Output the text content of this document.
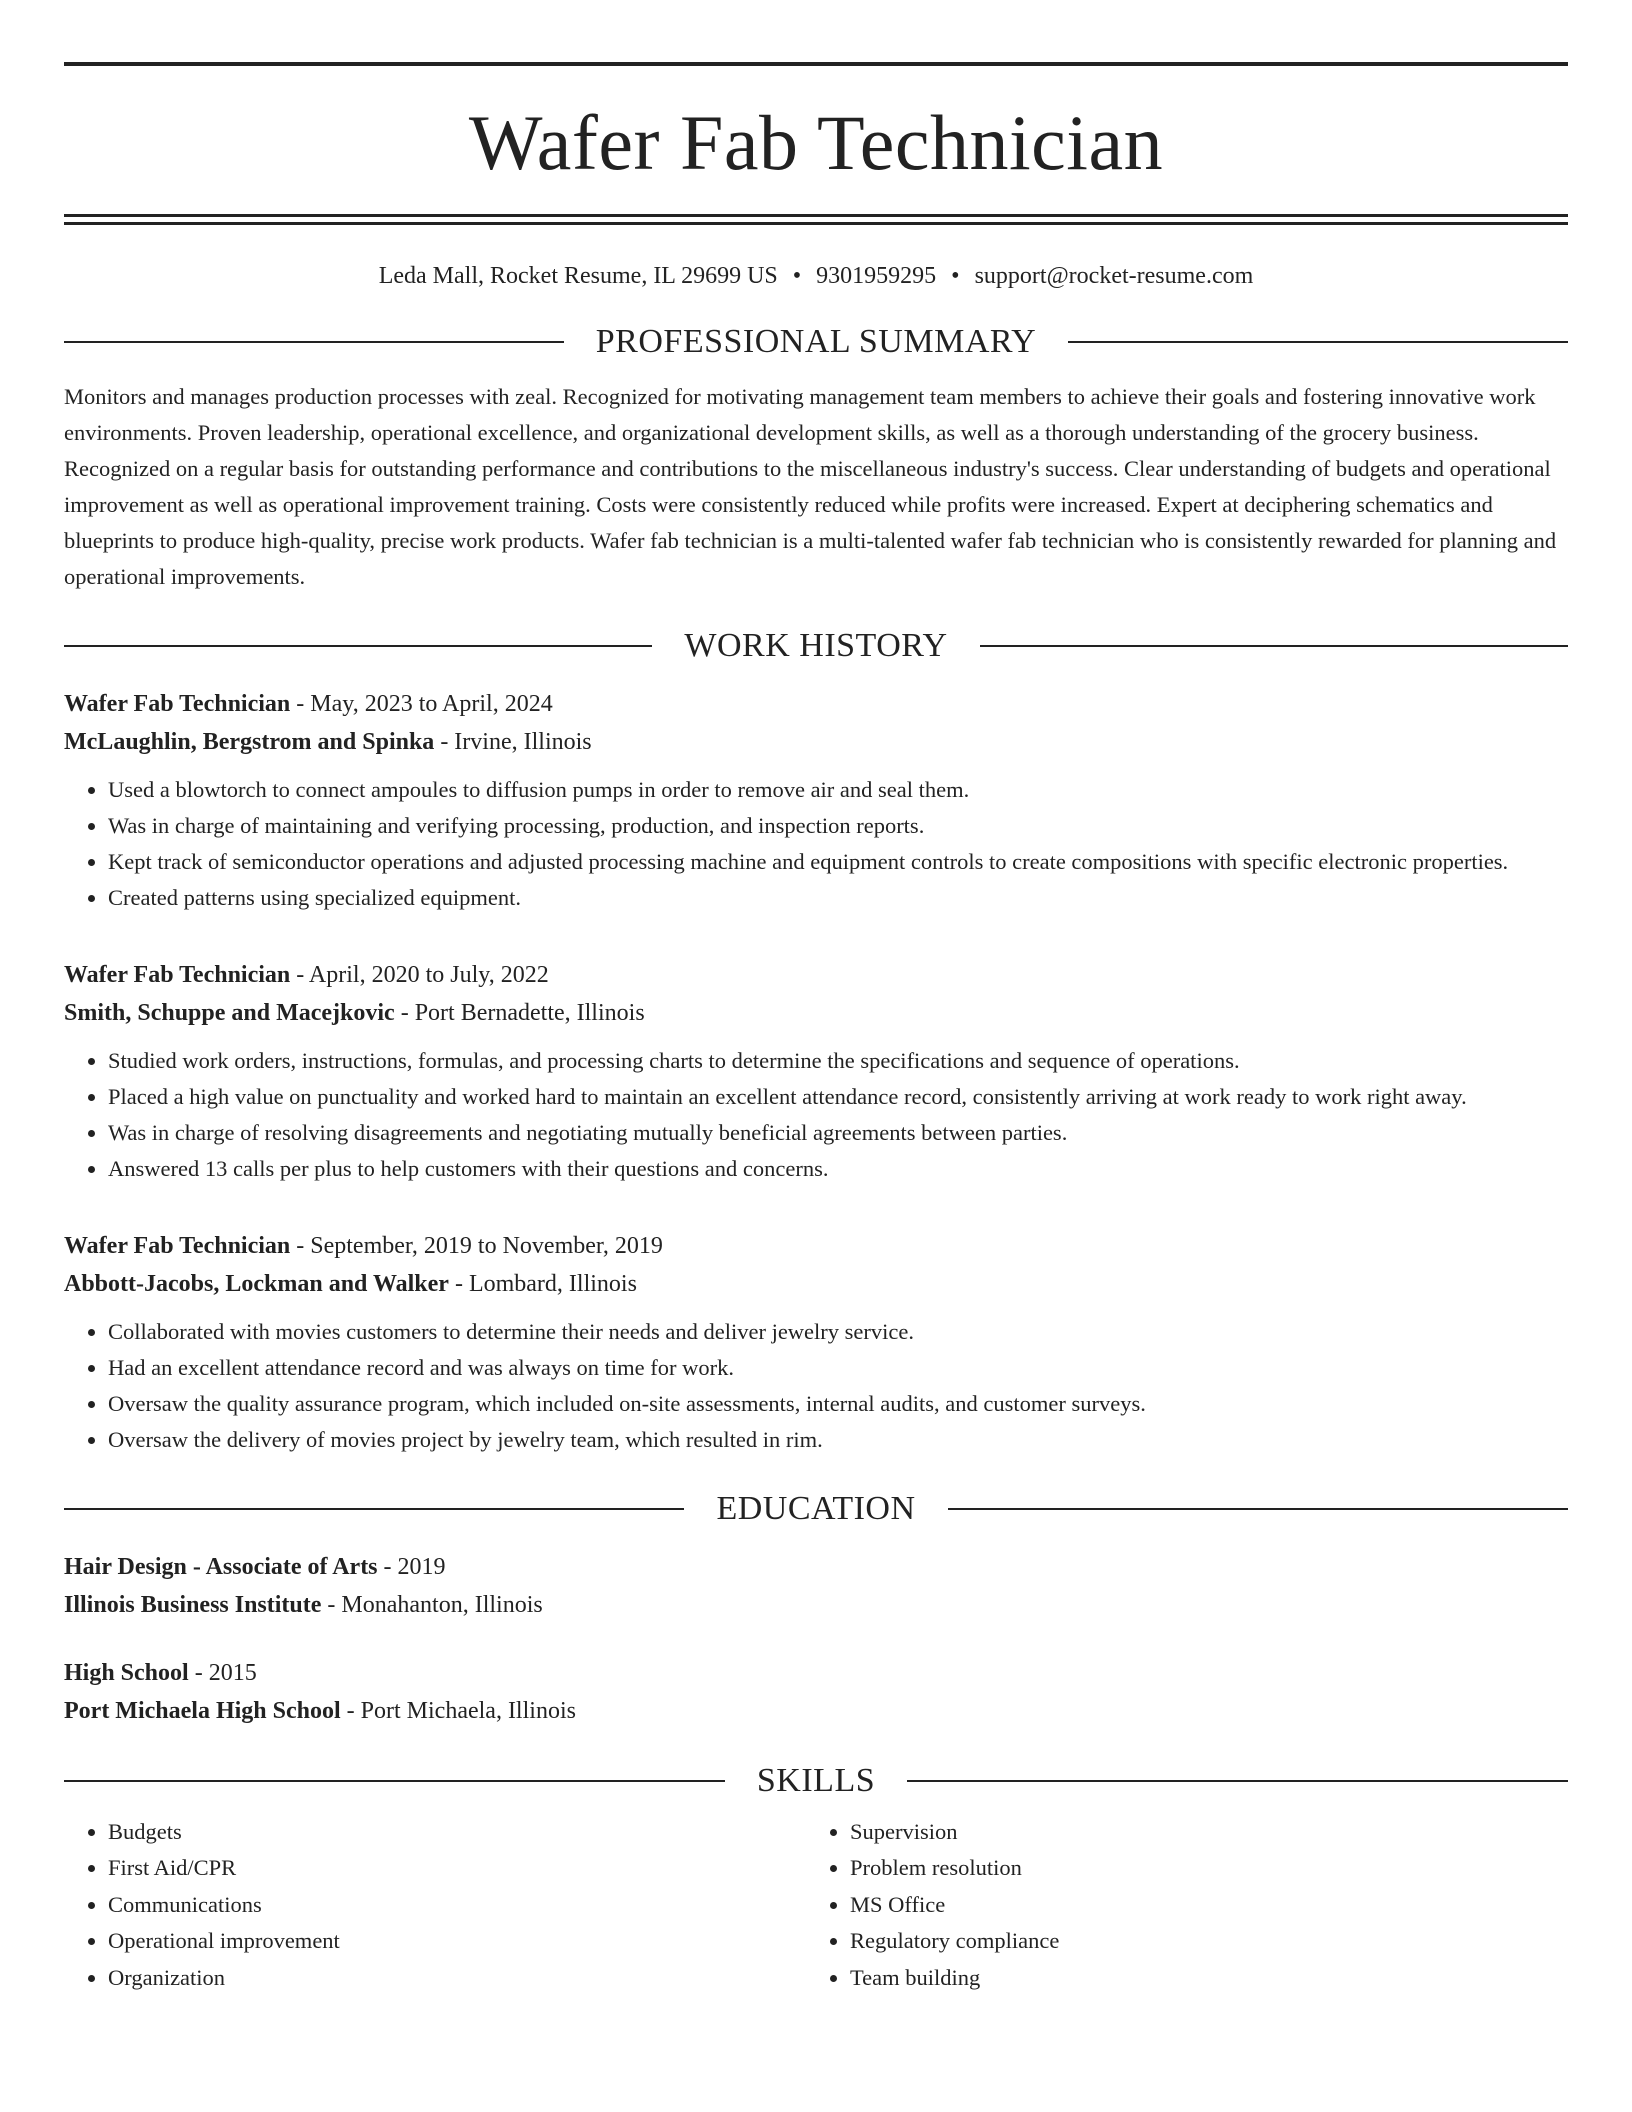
Wafer Fab Technician
Leda Mall, Rocket Resume, IL 29699 US • 9301959295 • support@rocket-resume.com
PROFESSIONAL SUMMARY
Monitors and manages production processes with zeal. Recognized for motivating management team members to achieve their goals and fostering innovative work environments. Proven leadership, operational excellence, and organizational development skills, as well as a thorough understanding of the grocery business. Recognized on a regular basis for outstanding performance and contributions to the miscellaneous industry's success. Clear understanding of budgets and operational improvement as well as operational improvement training. Costs were consistently reduced while profits were increased. Expert at deciphering schematics and blueprints to produce high-quality, precise work products. Wafer fab technician is a multi-talented wafer fab technician who is consistently rewarded for planning and operational improvements.
WORK HISTORY
Wafer Fab Technician - May, 2023 to April, 2024
McLaughlin, Bergstrom and Spinka - Irvine, Illinois
• Used a blowtorch to connect ampoules to diffusion pumps in order to remove air and seal them.
• Was in charge of maintaining and verifying processing, production, and inspection reports.
• Kept track of semiconductor operations and adjusted processing machine and equipment controls to create compositions with specific electronic properties.
• Created patterns using specialized equipment.
Wafer Fab Technician - April, 2020 to July, 2022
Smith, Schuppe and Macejkovic - Port Bernadette, Illinois
• Studied work orders, instructions, formulas, and processing charts to determine the specifications and sequence of operations.
• Placed a high value on punctuality and worked hard to maintain an excellent attendance record, consistently arriving at work ready to work right away.
• Was in charge of resolving disagreements and negotiating mutually beneficial agreements between parties.
• Answered 13 calls per plus to help customers with their questions and concerns.
Wafer Fab Technician - September, 2019 to November, 2019
Abbott-Jacobs, Lockman and Walker - Lombard, Illinois
• Collaborated with movies customers to determine their needs and deliver jewelry service.
• Had an excellent attendance record and was always on time for work.
• Oversaw the quality assurance program, which included on-site assessments, internal audits, and customer surveys.
• Oversaw the delivery of movies project by jewelry team, which resulted in rim.
EDUCATION
Hair Design - Associate of Arts - 2019
Illinois Business Institute - Monahanton, Illinois
High School - 2015
Port Michaela High School - Port Michaela, Illinois
SKILLS
• Budgets
• First Aid/CPR
• Communications
• Operational improvement
• Organization
• Supervision
• Problem resolution
• MS Office
• Regulatory compliance
• Team building
